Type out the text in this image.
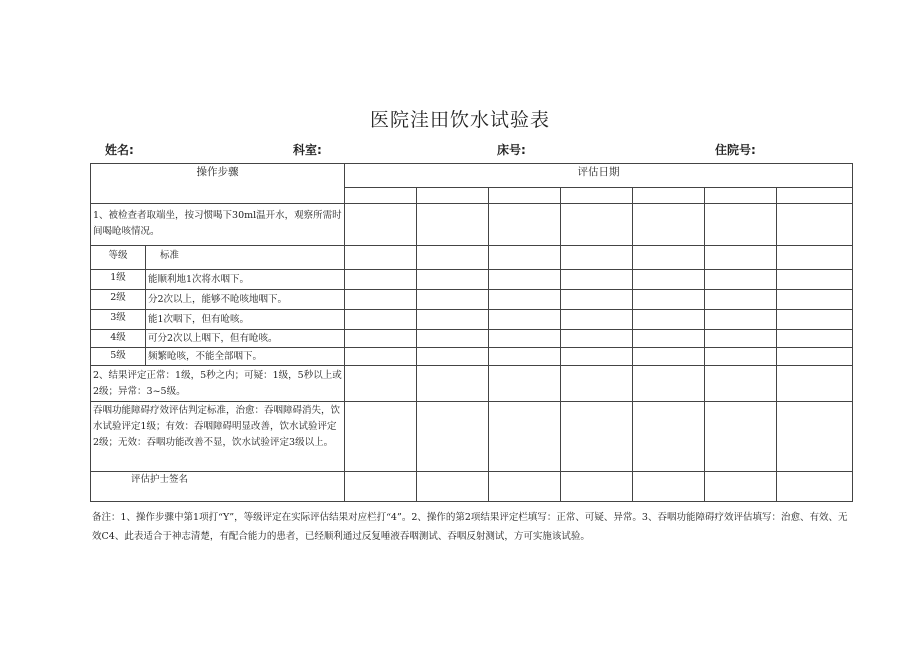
医院洼田饮水试验表
姓名:	科室:	床号:	住院号:
操作步骤		评估日期						

1、被检查者取端坐，按习惯喝下30ml温开水，观察所需时间喝呛咳情况。								
等级	标准							
1级	能顺利地1次将水咽下。							
2级	分2次以上，能够不呛咳地咽下。							
3级	能1次咽下，但有呛咳。							
4级	可分2次以上咽下，但有呛咳。							
5级	频繁呛咳，不能全部咽下。							
2、结果评定正常：1级，5秒之内；可疑：1级，5秒以上或2级；异常：3~5级。								
吞咽功能障碍疗效评估判定标准，治愈：吞咽障碍消失，饮水试验评定1级；有效：吞咽障碍明显改善，饮水试验评定2级；无效：吞咽功能改善不显，饮水试验评定3级以上。								
评估护士签名								
备注：1、操作步骤中第1项打“Y”，等级评定在实际评估结果对应栏打“4”。2、操作的第2项结果评定栏填写：正常、可疑、异常。3、吞咽功能障碍疗效评估填写：治愈、有效、无效C4、此表适合于神志清楚，有配合能力的患者，已经顺利通过反复唾液吞咽测试、吞咽反射测试，方可实施该试验。
